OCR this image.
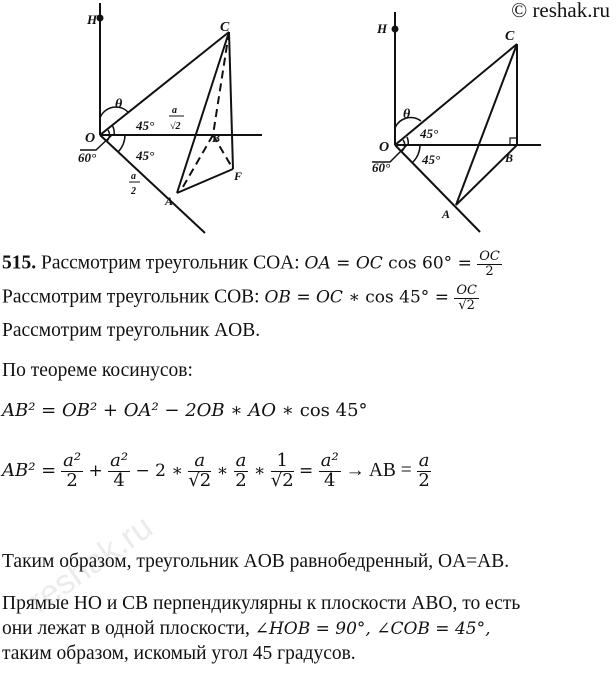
© reshak.ru
reshak.ru
H
C
O	B
A
F
θ
45°
45°
60°
a
√2
a
2
H
C
O
B
A
θ
45°
45°
60°
515. Рассмотрим треугольник COA: OA = OC $\cos 60^\circ = \frac{OC}{2}$
Рассмотрим треугольник COB: OB = OC ∗ $\cos 45^\circ = \frac{OC}{√2}$
Рассмотрим треугольник AOB.
По теореме косинусов:
AB² = OB² + OA² − 2OB ∗ AO ∗ cos 45°
$AB^2 = \frac{\text{a²}}{2} + \frac{\text{a²}}{4} - 2$ ∗ $\frac{a}{√2}$ ∗ $\frac{a}{2}$ ∗ $\frac{1}{√2} = \frac{\text{a²}}{4}$ → AB = $\frac{a}{2}$
Таким образом, треугольник AOB равнобедренный, OA=AB.
Прямые HO и CB перпендикулярны к плоскости ABO, то есть
они лежат в одной плоскости, ∠HOB = 90°, ∠COB = 45°,
таким образом, искомый угол 45 градусов.
